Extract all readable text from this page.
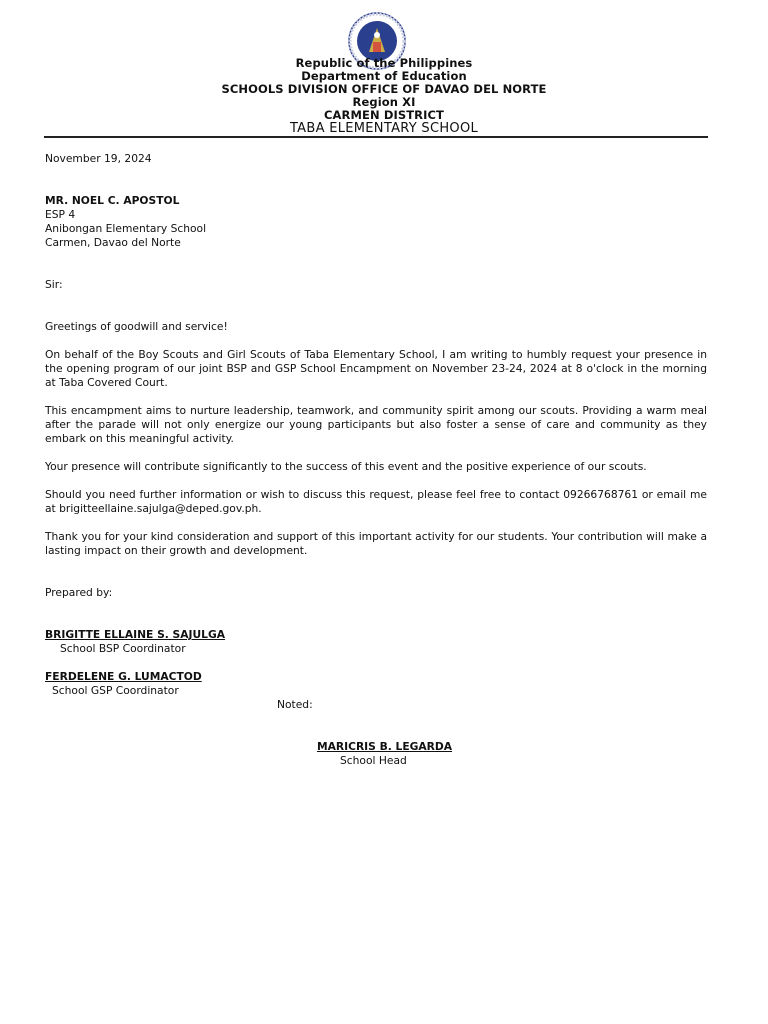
Republic of the Philippines
Department of Education
SCHOOLS DIVISION OFFICE OF DAVAO DEL NORTE
Region XI
CARMEN DISTRICT
TABA ELEMENTARY SCHOOL
November 19, 2024
MR. NOEL C. APOSTOL
ESP 4
Anibongan Elementary School
Carmen, Davao del Norte
Sir:
Greetings of goodwill and service!
On behalf of the Boy Scouts and Girl Scouts of Taba Elementary School, I am writing to humbly request your presence in the opening program of our joint BSP and GSP School Encampment on November 23-24, 2024 at 8 o'clock in the morning at Taba Covered Court.
This encampment aims to nurture leadership, teamwork, and community spirit among our scouts. Providing a warm meal after the parade will not only energize our young participants but also foster a sense of care and community as they embark on this meaningful activity.
Your presence will contribute significantly to the success of this event and the positive experience of our scouts.
Should you need further information or wish to discuss this request, please feel free to contact 09266768761 or email me at brigitteellaine.sajulga@deped.gov.ph.
Thank you for your kind consideration and support of this important activity for our students. Your contribution will make a lasting impact on their growth and development.
Prepared by:
BRIGITTE ELLAINE S. SAJULGA
School BSP Coordinator
FERDELENE G. LUMACTOD
School GSP Coordinator
Noted:
MARICRIS B. LEGARDA
School Head
